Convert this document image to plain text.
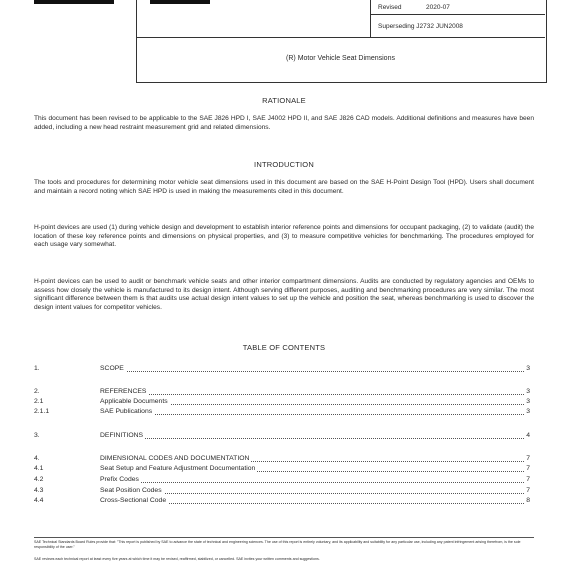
Revised	2020-07
Superseding J2732 JUN2008
(R) Motor Vehicle Seat Dimensions
RATIONALE

This document has been revised to be applicable to the SAE J826 HPD I, SAE J4002 HPD II, and SAE J826 CAD models. Additional definitions and measures have been added, including a new head restraint measurement grid and related dimensions.

INTRODUCTION

The tools and procedures for determining motor vehicle seat dimensions used in this document are based on the SAE H-Point Design Tool (HPD). Users shall document and maintain a record noting which SAE HPD is used in making the measurements cited in this document.

H-point devices are used (1) during vehicle design and development to establish interior reference points and dimensions for occupant packaging, (2) to validate (audit) the location of these key reference points and dimensions on physical properties, and (3) to measure competitive vehicles for benchmarking. The procedures employed for each usage vary somewhat.

H-point devices can be used to audit or benchmark vehicle seats and other interior compartment dimensions. Audits are conducted by regulatory agencies and OEMs to assess how closely the vehicle is manufactured to its design intent. Although serving different purposes, auditing and benchmarking procedures are very similar. The most significant difference between them is that audits use actual design intent values to set up the vehicle and position the seat, whereas benchmarking is used to discover the design intent values for competitor vehicles.

TABLE OF CONTENTS
1.	SCOPE	3
2.	REFERENCES	3
2.1	Applicable Documents	3
2.1.1	SAE Publications	3
3.	DEFINITIONS	4
4.	DIMENSIONAL CODES AND DOCUMENTATION	7
4.1	Seat Setup and Feature Adjustment Documentation	7
4.2	Prefix Codes	7
4.3	Seat Position Codes	7
4.4	Cross-Sectional Code	8
SAE Technical Standards Board Rules provide that: "This report is published by SAE to advance the state of technical and engineering sciences. The use of this report is entirely voluntary, and its applicability and suitability for any particular use, including any patent infringement arising therefrom, is the sole responsibility of the user."
SAE reviews each technical report at least every five years at which time it may be revised, reaffirmed, stabilized, or cancelled. SAE invites your written comments and suggestions.
